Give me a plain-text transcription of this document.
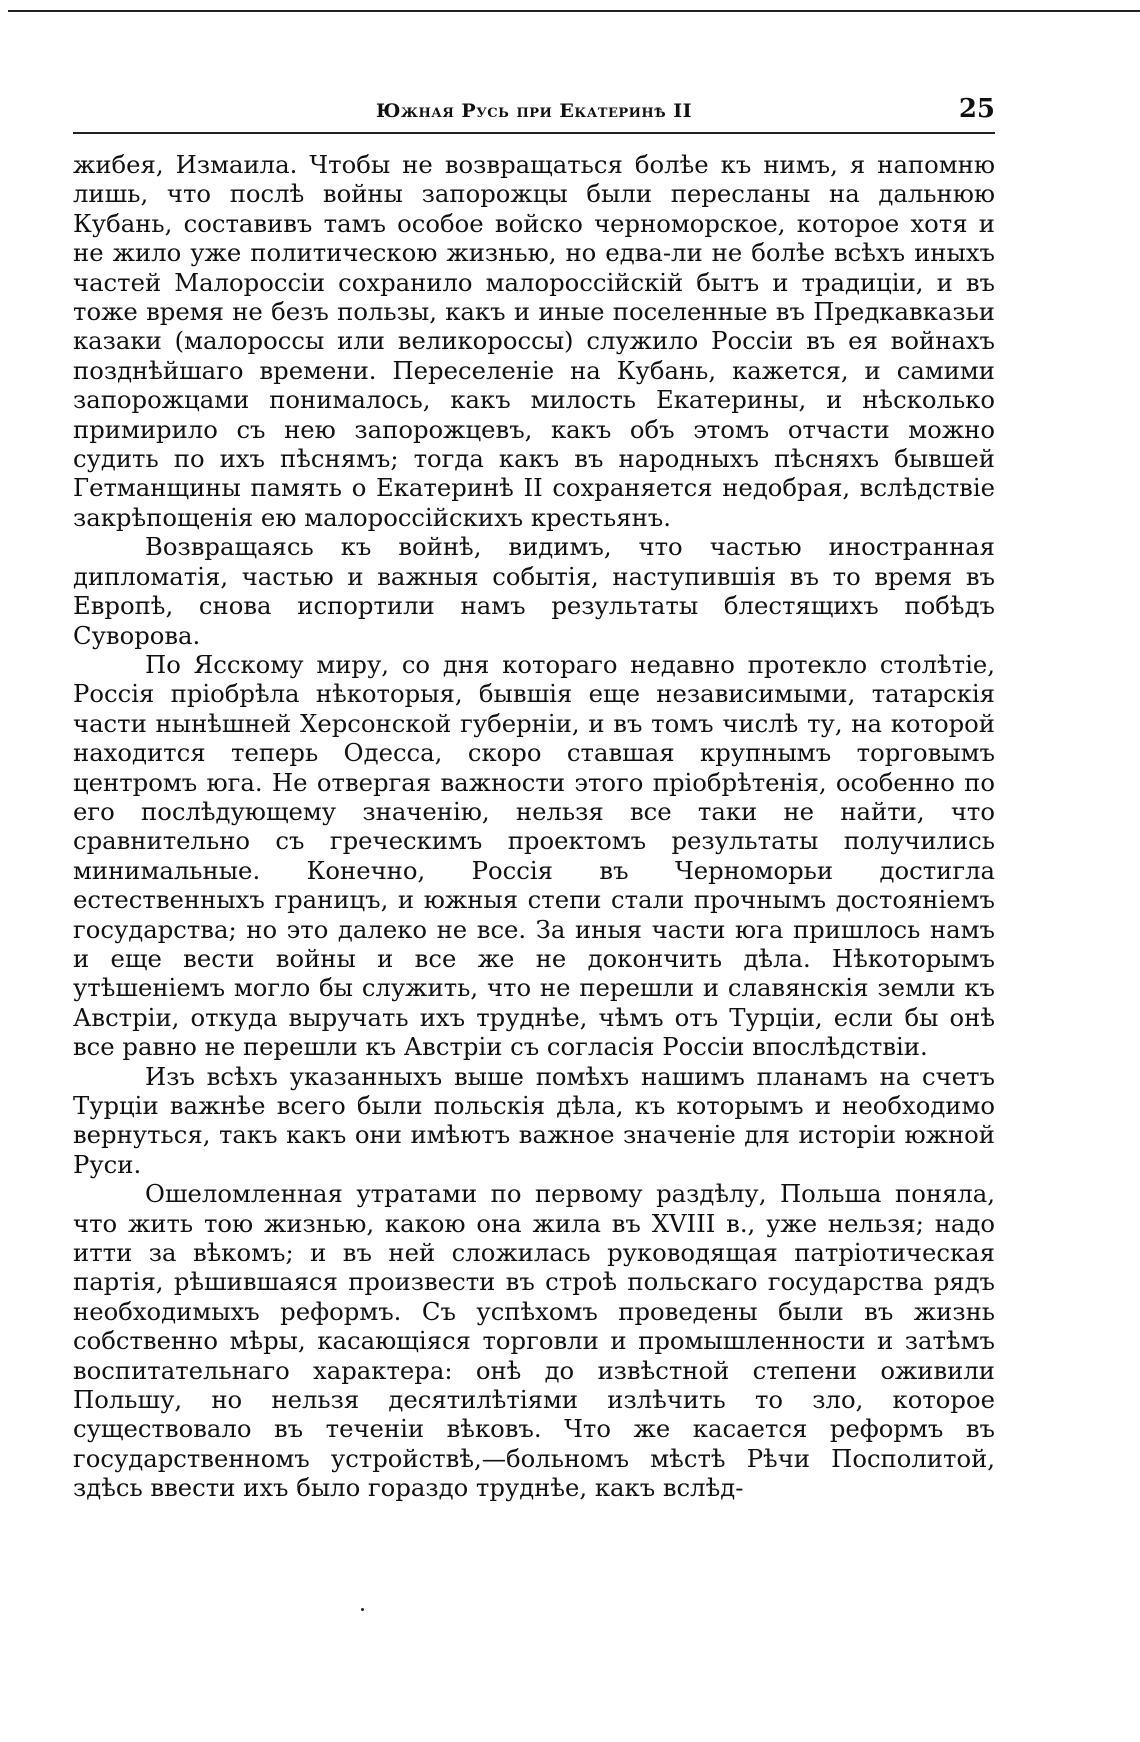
Южная Русь при Екатеринѣ II	25

жибея, Измаила. Чтобы не возвращаться болѣе къ нимъ, я напомню лишь, что послѣ войны запорожцы были пересланы на дальнюю Кубань, составивъ тамъ особое войско черноморское, которое хотя и не жило уже политическою жизнью, но едва-ли не болѣе всѣхъ иныхъ частей Малороссіи сохранило малороссійскій бытъ и традиціи, и въ тоже время не безъ пользы, какъ и иные поселенные въ Предкавказьи казаки (малороссы или великороссы) служило Россіи въ ея войнахъ позднѣйшаго времени. Переселеніе на Кубань, кажется, и самими запорожцами понималось, какъ милость Екатерины, и нѣсколько примирило съ нею запорожцевъ, какъ объ этомъ отчасти можно судить по ихъ пѣснямъ; тогда какъ въ народныхъ пѣсняхъ бывшей Гетманщины память о Екатеринѣ II сохраняется недобрая, вслѣдствіе закрѣпощенія ею малороссійскихъ крестьянъ.

Возвращаясь къ войнѣ, видимъ, что частью иностранная дипломатія, частью и важныя событія, наступившія въ то время въ Европѣ, снова испортили намъ результаты блестящихъ побѣдъ Суворова.

По Ясскому миру, со дня котораго недавно протекло столѣтіе, Россія пріобрѣла нѣкоторыя, бывшія еще независимыми, татарскія части нынѣшней Херсонской губерніи, и въ томъ числѣ ту, на которой находится теперь Одесса, скоро ставшая крупнымъ торговымъ центромъ юга. Не отвергая важности этого пріобрѣтенія, особенно по его послѣдующему значенію, нельзя все таки не найти, что сравнительно съ греческимъ проектомъ результаты получились минимальные. Конечно, Россія въ Черноморьи достигла естественныхъ границъ, и южныя степи стали прочнымъ достояніемъ государства; но это далеко не все. За иныя части юга пришлось намъ и еще вести войны и все же не докончить дѣла. Нѣкоторымъ утѣшеніемъ могло бы служить, что не перешли и славянскія земли къ Австріи, откуда выручать ихъ труднѣе, чѣмъ отъ Турціи, если бы онѣ все равно не перешли къ Австріи съ согласія Россіи впослѣдствіи.

Изъ всѣхъ указанныхъ выше помѣхъ нашимъ планамъ на счетъ Турціи важнѣе всего были польскія дѣла, къ которымъ и необходимо вернуться, такъ какъ они имѣютъ важное значеніе для исторіи южной Руси.

Ошеломленная утратами по первому раздѣлу, Польша поняла, что жить тою жизнью, какою она жила въ XVIII в., уже нельзя; надо итти за вѣкомъ; и въ ней сложилась руководящая патріотическая партія, рѣшившаяся произвести въ строѣ польскаго государства рядъ необходимыхъ реформъ. Съ успѣхомъ проведены были въ жизнь собственно мѣры, касающіяся торговли и промышленности и затѣмъ воспитательнаго характера: онѣ до извѣстной степени оживили Польшу, но нельзя десятилѣтіями излѣчить то зло, которое существовало въ теченіи вѣковъ. Что же касается реформъ въ государственномъ устройствѣ,—больномъ мѣстѣ Рѣчи Посполитой, здѣсь ввести ихъ было гораздо труднѣе, какъ вслѣд-
